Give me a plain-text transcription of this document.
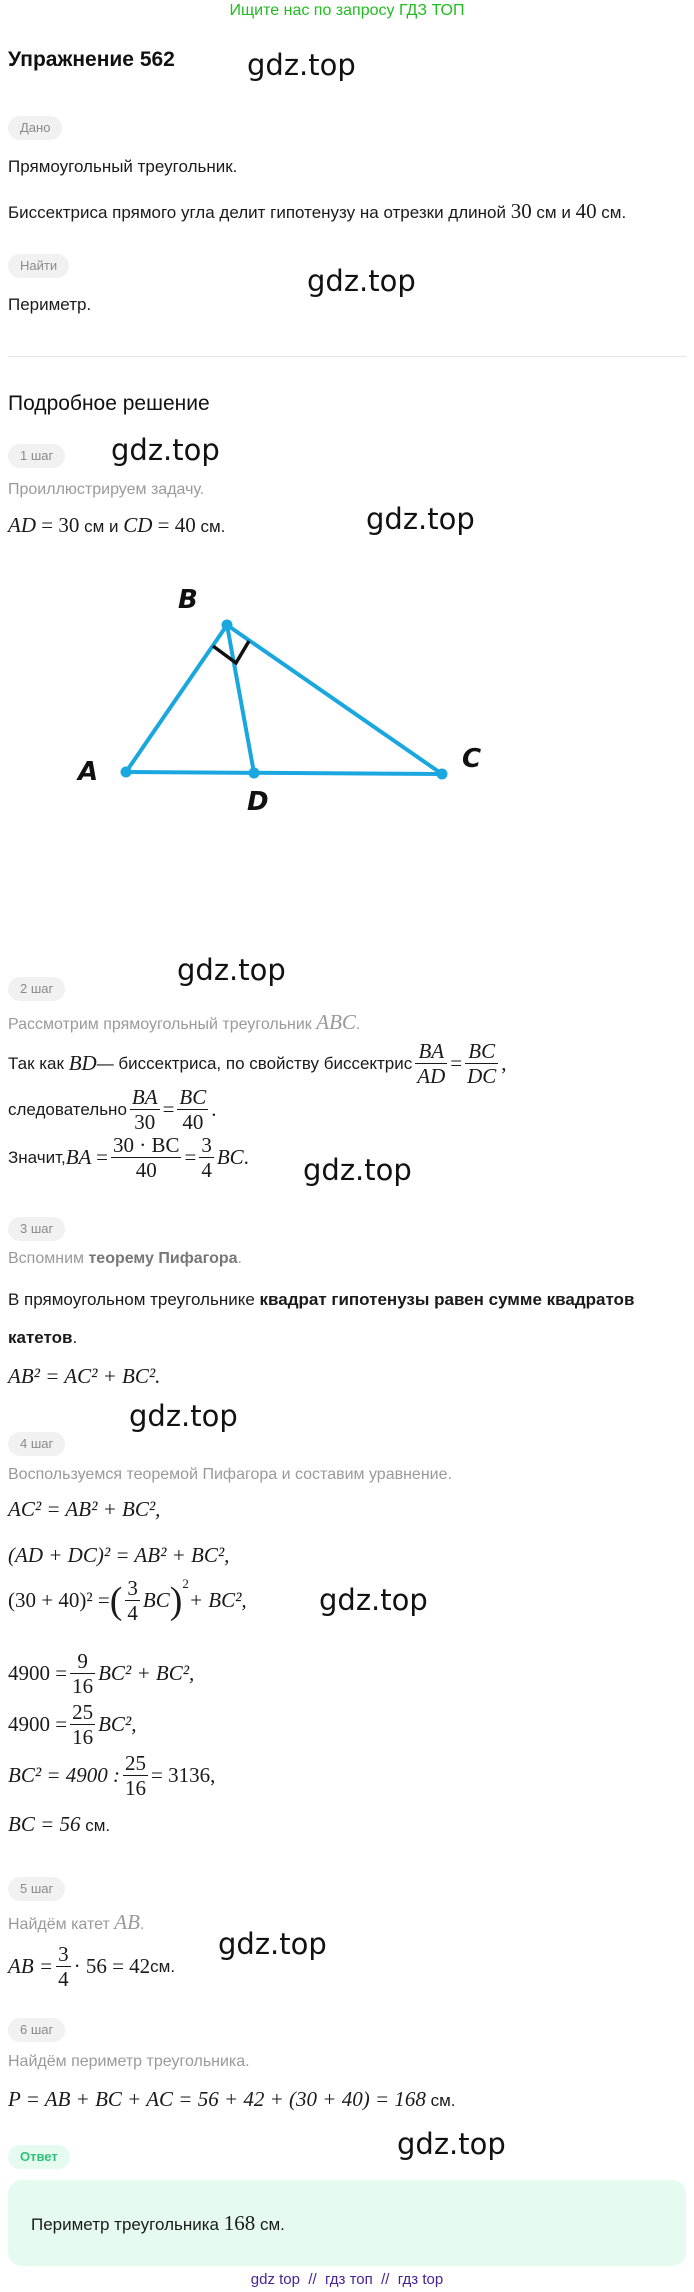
Ищите нас по запросу ГДЗ ТОП
Упражнение 562 gdz.top
Дано
Прямоугольный треугольник.
Биссектриса прямого угла делит гипотенузу на отрезки длиной 30 см и 40 см.
Найти
Периметр.
gdz.top
Подробное решение
1 шаг	gdz.top
Проиллюстрируем задачу.
AD = 30 см и CD = 40 см.	gdz.top
B
A	C
D
2 шаг
gdz.top
Рассмотрим прямоугольный треугольник ABC.
Так как
BD — биссектриса, по свойству биссектрис $\frac{BA}{AD} = \frac{BC}{DC}$ ,
следовательно $\frac{BA}{30} = \frac{BC}{40}$ .
Значит, BA
= $\frac{30 \cdot BC}{40} = \frac{3}{4}$ BC . gdz.top
3 шаг
Вспомним теорему Пифагора.
В прямоугольном треугольнике квадрат гипотенузы равен сумме квадратов
катетов.
AB² = AC² + BC².
4 шаг
gdz.top
Воспользуемся теоремой Пифагора и составим уравнение.
AC² = AB² + BC²,
(AD + DC)² = AB² + BC²,
(30 + 40)² = ( $\frac{3}{4}$ BC )$^2$
+ BC², gdz.top
$4900 = \frac{9}{16} BC^2 + BC^2$,
$4900 = \frac{25}{16} BC^2$,
BC² = 4900 : $\frac{25}{16} = 3136$,
BC = 56 см.
5 шаг
Найдём катет AB.
AB = $\frac{3}{4} \cdot 56 = 42$ см.
gdz.top
6 шаг
Найдём периметр треугольника.
P = AB + BC + AC = 56 + 42 + (30 + 40) = 168 см.
Ответ	gdz.top
Периметр треугольника 168 см.
gdz top  //  гдз топ  //  гдз top
